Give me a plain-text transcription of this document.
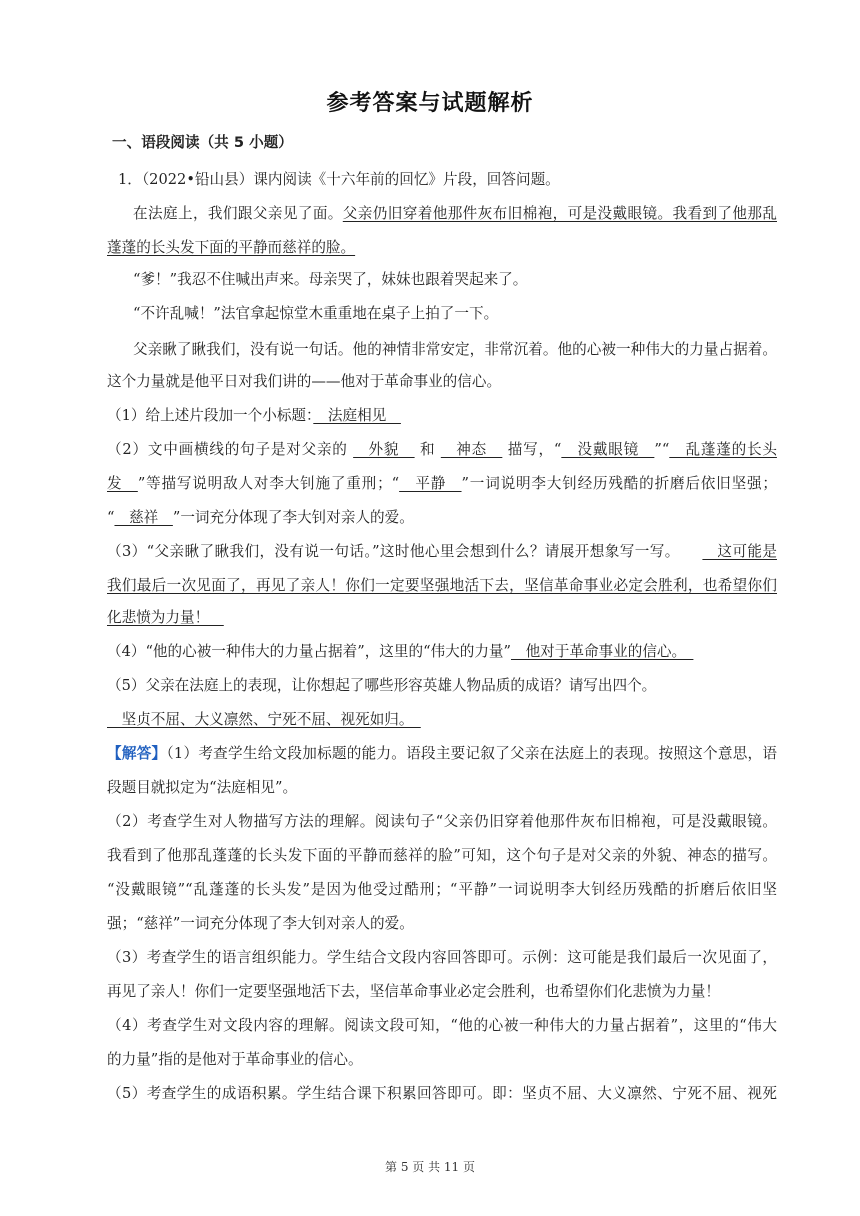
参考答案与试题解析
一、语段阅读（共 5 小题）
1．（2022•铅山县）课内阅读《十六年前的回忆》片段，回答问题。
在法庭上，我们跟父亲见了面。父亲仍旧穿着他那件灰布旧棉袍，可是没戴眼镜。我看到了他那乱
蓬蓬的长头发下面的平静而慈祥的脸。
“爹！”我忍不住喊出声来。母亲哭了，妹妹也跟着哭起来了。
“不许乱喊！”法官拿起惊堂木重重地在桌子上拍了一下。
父亲瞅了瞅我们，没有说一句话。他的神情非常安定，非常沉着。他的心被一种伟大的力量占据着。
这个力量就是他平日对我们讲的——他对于革命事业的信心。
（1）给上述片段加一个小标题：　法庭相见　
（2）文中画横线的句子是对父亲的 　外貌　 和 　神态　 描写，“　没戴眼镜　”“　乱蓬蓬的长头
发　”等描写说明敌人对李大钊施了重刑；“　平静　”一词说明李大钊经历残酷的折磨后依旧坚强；
“　慈祥　”一词充分体现了李大钊对亲人的爱。
（3）“父亲瞅了瞅我们，没有说一句话。”这时他心里会想到什么？请展开想象写一写。　　　这可能是
我们最后一次见面了，再见了亲人！你们一定要坚强地活下去，坚信革命事业必定会胜利，也希望你们
化悲愤为力量！　
（4）“他的心被一种伟大的力量占据着”，这里的“伟大的力量”　他对于革命事业的信心。　
（5）父亲在法庭上的表现，让你想起了哪些形容英雄人物品质的成语？请写出四个。
　坚贞不屈、大义凛然、宁死不屈、视死如归。　
【解答】（1）考查学生给文段加标题的能力。语段主要记叙了父亲在法庭上的表现。按照这个意思，语
段题目就拟定为“法庭相见”。
（2）考查学生对人物描写方法的理解。阅读句子“父亲仍旧穿着他那件灰布旧棉袍，可是没戴眼镜。
我看到了他那乱蓬蓬的长头发下面的平静而慈祥的脸”可知，这个句子是对父亲的外貌、神态的描写。
“没戴眼镜”“乱蓬蓬的长头发”是因为他受过酷刑；“平静”一词说明李大钊经历残酷的折磨后依旧坚
强；“慈祥”一词充分体现了李大钊对亲人的爱。
（3）考查学生的语言组织能力。学生结合文段内容回答即可。示例：这可能是我们最后一次见面了，
再见了亲人！你们一定要坚强地活下去，坚信革命事业必定会胜利，也希望你们化悲愤为力量！
（4）考查学生对文段内容的理解。阅读文段可知，“他的心被一种伟大的力量占据着”，这里的“伟大
的力量”指的是他对于革命事业的信心。
（5）考查学生的成语积累。学生结合课下积累回答即可。即：坚贞不屈、大义凛然、宁死不屈、视死
第 5 页 共 11 页
